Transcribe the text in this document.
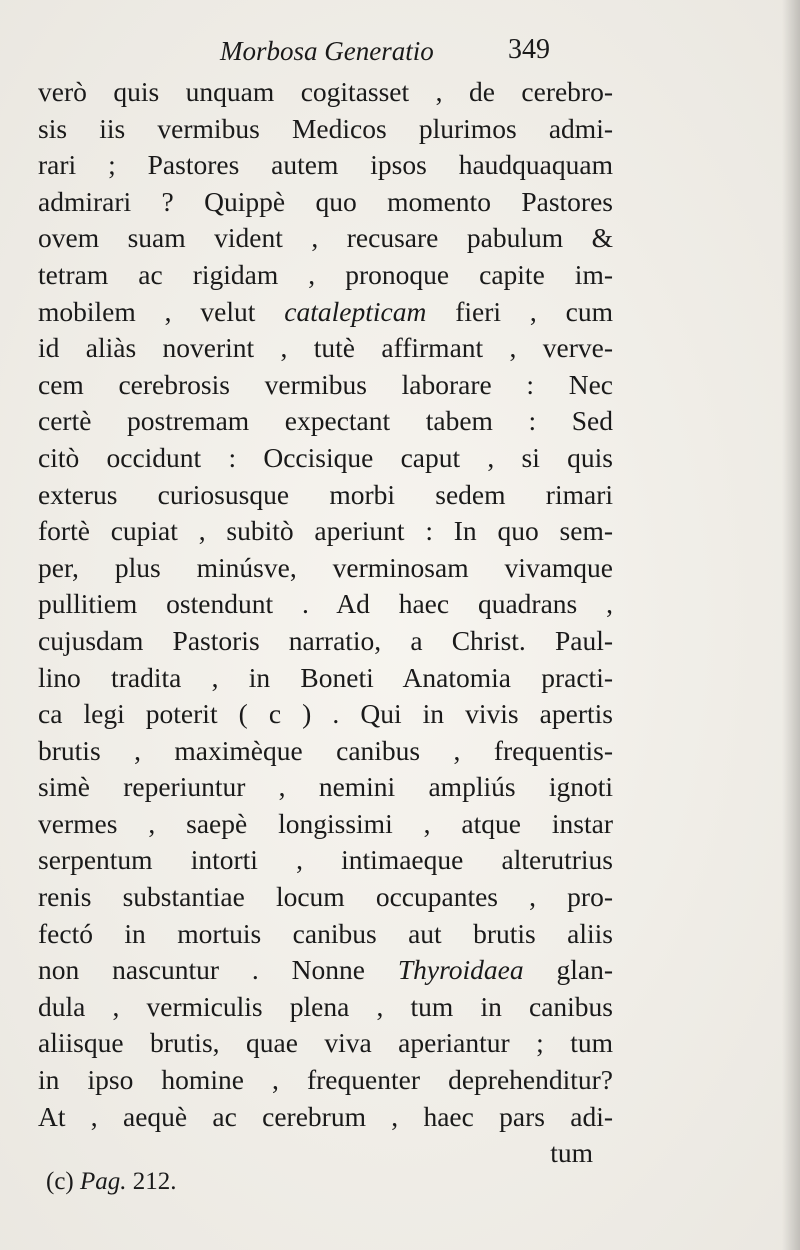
Morbosa Generatio	349
verò quis unquam cogitasset , de cerebro-
sis iis vermibus Medicos plurimos admi-
rari ; Pastores autem ipsos haudquaquam
admirari ? Quippè quo momento Pastores
ovem suam vident , recusare pabulum &
tetram ac rigidam , pronoque capite im-
mobilem , velut catalepticam fieri , cum
id aliàs noverint , tutè affirmant , verve-
cem cerebrosis vermibus laborare : Nec
certè postremam expectant tabem : Sed
citò occidunt : Occisique caput , si quis
exterus curiosusque morbi sedem rimari
fortè cupiat , subitò aperiunt : In quo sem-
per, plus minúsve, verminosam vivamque
pullitiem ostendunt . Ad haec quadrans ,
cujusdam Pastoris narratio, a Christ. Paul-
lino tradita , in Boneti Anatomia practi-
ca legi poterit ( c ) . Qui in vivis apertis
brutis , maximèque canibus , frequentis-
simè reperiuntur , nemini ampliús ignoti
vermes , saepè longissimi , atque instar
serpentum intorti , intimaeque alterutrius
renis substantiae locum occupantes , pro-
fectó in mortuis canibus aut brutis aliis
non nascuntur . Nonne Thyroidaea glan-
dula , vermiculis plena , tum in canibus
aliisque brutis, quae viva aperiantur ; tum
in ipso homine , frequenter deprehenditur?
At , aequè ac cerebrum , haec pars adi-
tum
(c) Pag. 212.
